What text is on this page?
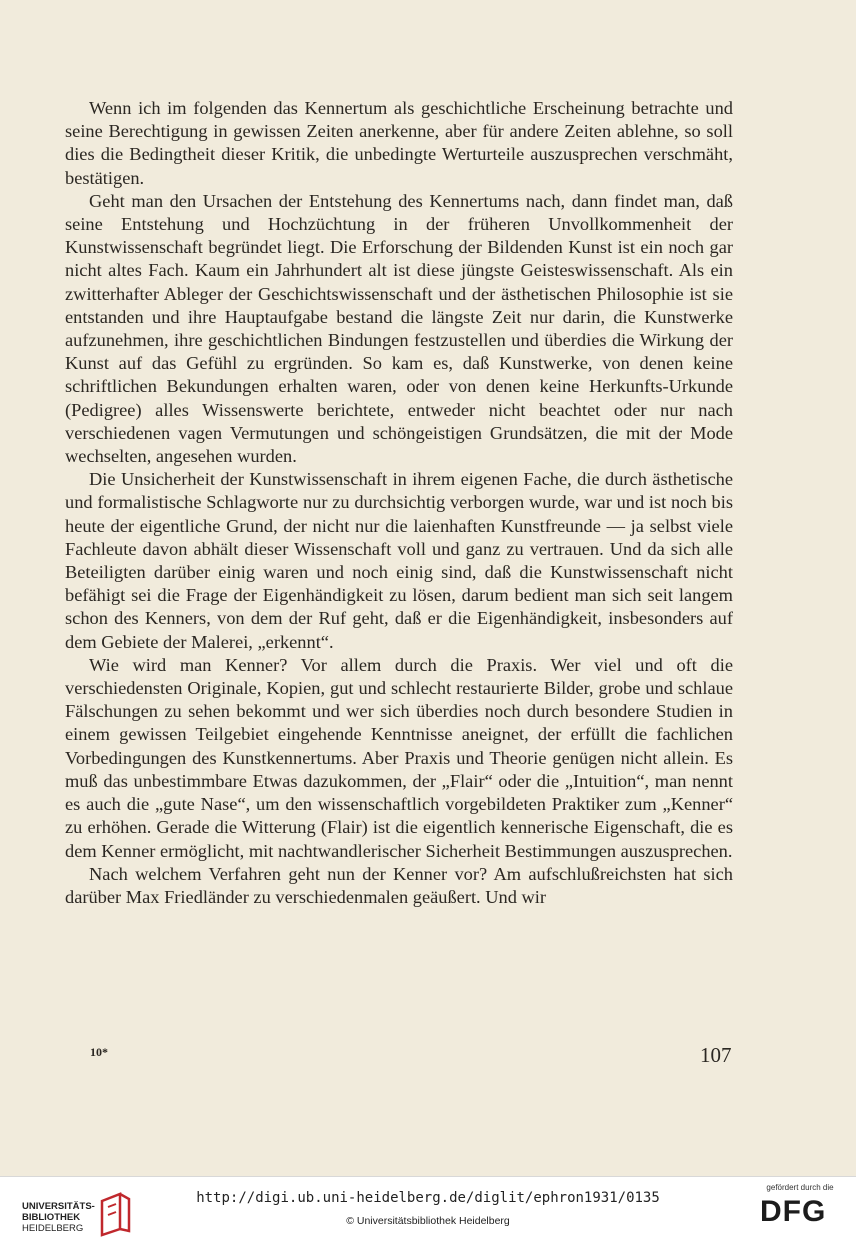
Wenn ich im folgenden das Kennertum als geschichtliche Erscheinung betrachte und seine Berechtigung in gewissen Zeiten anerkenne, aber für andere Zeiten ablehne, so soll dies die Bedingtheit dieser Kritik, die unbedingte Werturteile auszusprechen verschmäht, bestätigen.

Geht man den Ursachen der Entstehung des Kennertums nach, dann findet man, daß seine Entstehung und Hochzüchtung in der früheren Unvollkommenheit der Kunstwissenschaft begründet liegt. Die Erforschung der Bildenden Kunst ist ein noch gar nicht altes Fach. Kaum ein Jahrhundert alt ist diese jüngste Geisteswissenschaft. Als ein zwitterhafter Ableger der Geschichtswissenschaft und der ästhetischen Philosophie ist sie entstanden und ihre Hauptaufgabe bestand die längste Zeit nur darin, die Kunstwerke aufzunehmen, ihre geschichtlichen Bindungen festzustellen und überdies die Wirkung der Kunst auf das Gefühl zu ergründen. So kam es, daß Kunstwerke, von denen keine schriftlichen Bekundungen erhalten waren, oder von denen keine Herkunfts-Urkunde (Pedigree) alles Wissenswerte berichtete, entweder nicht beachtet oder nur nach verschiedenen vagen Vermutungen und schöngeistigen Grundsätzen, die mit der Mode wechselten, angesehen wurden.

Die Unsicherheit der Kunstwissenschaft in ihrem eigenen Fache, die durch ästhetische und formalistische Schlagworte nur zu durchsichtig verborgen wurde, war und ist noch bis heute der eigentliche Grund, der nicht nur die laienhaften Kunstfreunde — ja selbst viele Fachleute davon abhält dieser Wissenschaft voll und ganz zu vertrauen. Und da sich alle Beteiligten darüber einig waren und noch einig sind, daß die Kunstwissenschaft nicht befähigt sei die Frage der Eigenhändigkeit zu lösen, darum bedient man sich seit langem schon des Kenners, von dem der Ruf geht, daß er die Eigenhändigkeit, insbesonders auf dem Gebiete der Malerei, „erkennt“.

Wie wird man Kenner? Vor allem durch die Praxis. Wer viel und oft die verschiedensten Originale, Kopien, gut und schlecht restaurierte Bilder, grobe und schlaue Fälschungen zu sehen bekommt und wer sich überdies noch durch besondere Studien in einem gewissen Teilgebiet eingehende Kenntnisse aneignet, der erfüllt die fachlichen Vorbedingungen des Kunstkennertums. Aber Praxis und Theorie genügen nicht allein. Es muß das unbestimmbare Etwas dazukommen, der „Flair“ oder die „Intuition“, man nennt es auch die „gute Nase“, um den wissenschaftlich vorgebildeten Praktiker zum „Kenner“ zu erhöhen. Gerade die Witterung (Flair) ist die eigentlich kennerische Eigenschaft, die es dem Kenner ermöglicht, mit nachtwandlerischer Sicherheit Bestimmungen auszusprechen.

Nach welchem Verfahren geht nun der Kenner vor? Am aufschlußreichsten hat sich darüber Max Friedländer zu verschiedenmalen geäußert. Und wir

10*	107
UNIVERSITÄTS-
BIBLIOTHEK
HEIDELBERG
http://digi.ub.uni-heidelberg.de/diglit/ephron1931/0135
© Universitätsbibliothek Heidelberg
gefördert durch die
DFG
